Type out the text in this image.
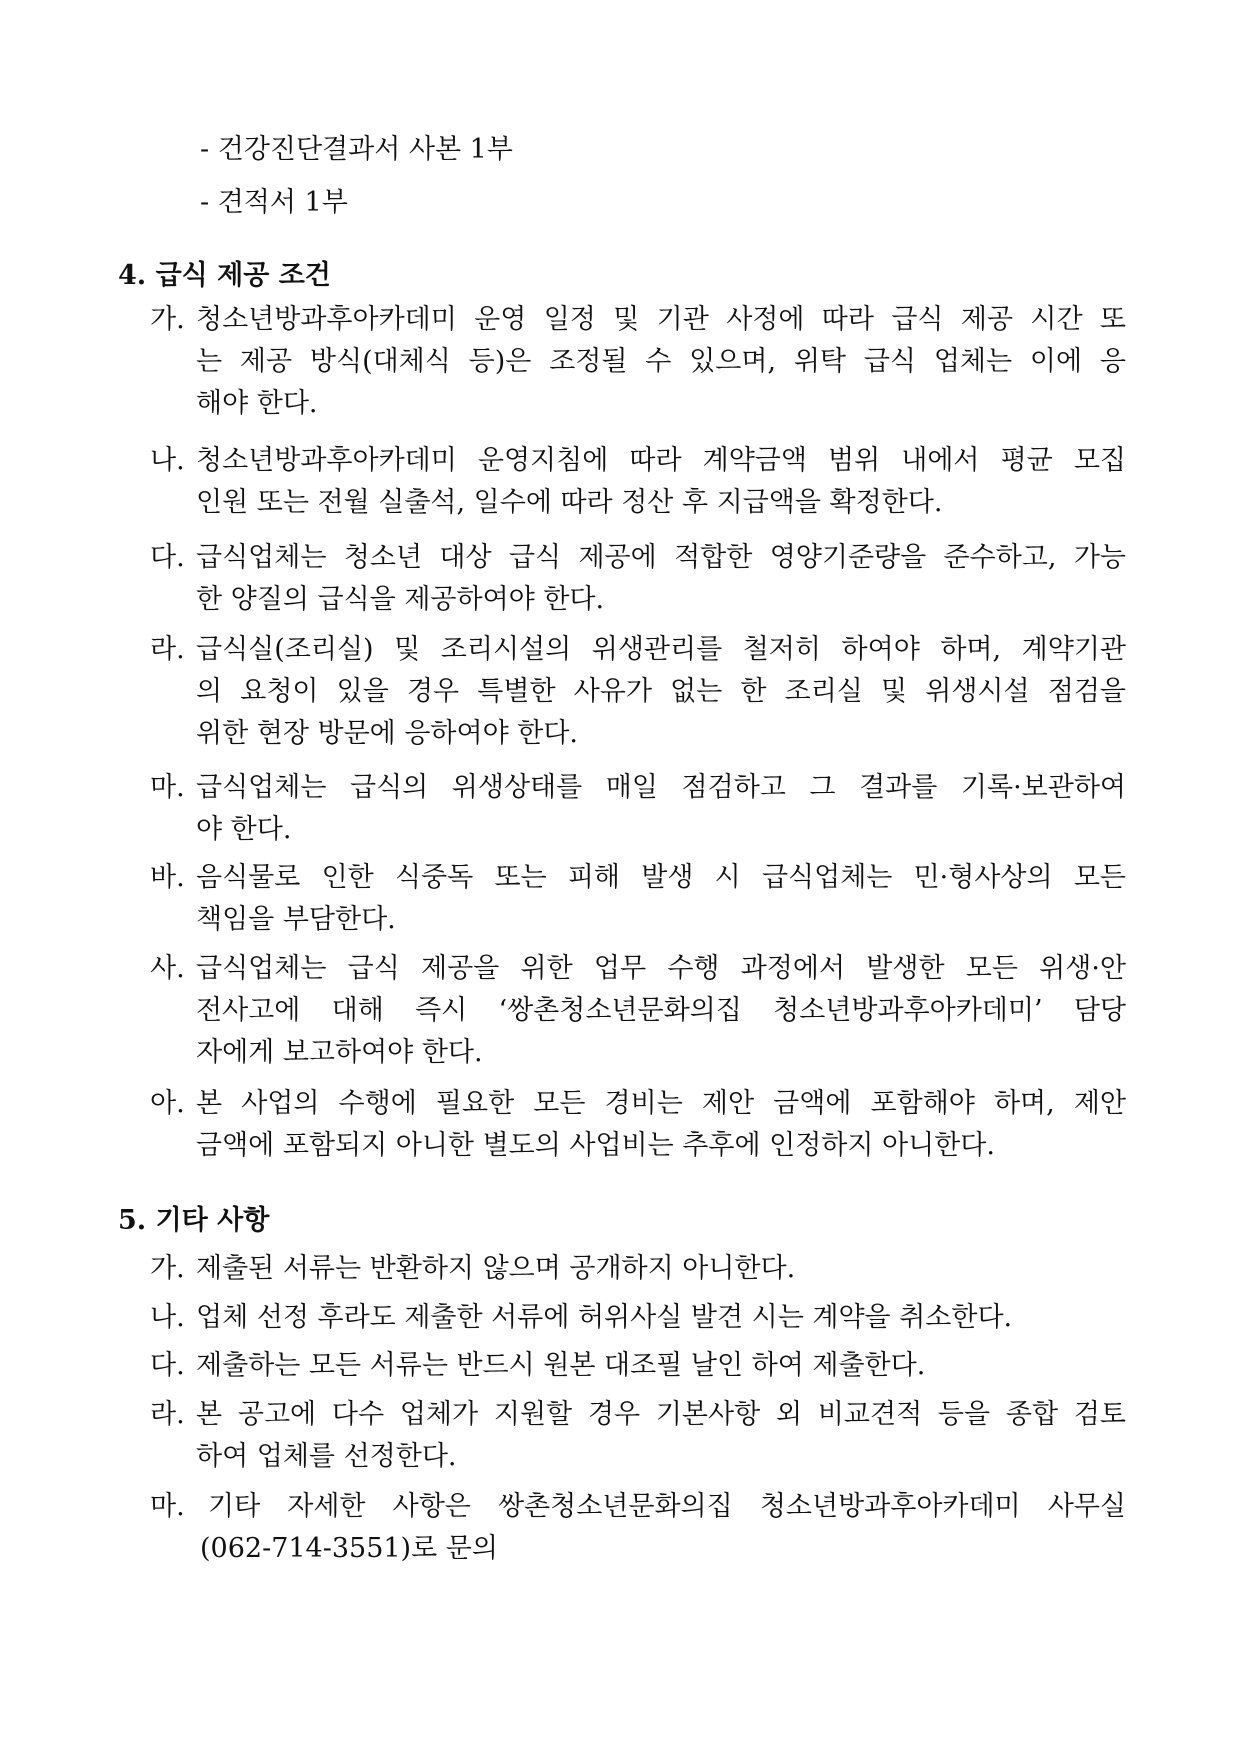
- 건강진단결과서 사본 1부
- 견적서 1부
4. 급식 제공 조건
가. 청소년방과후아카데미 운영 일정 및 기관 사정에 따라 급식 제공 시간 또
는 제공 방식(대체식 등)은 조정될 수 있으며, 위탁 급식 업체는 이에 응
해야 한다.
나. 청소년방과후아카데미 운영지침에 따라 계약금액 범위 내에서 평균 모집
인원 또는 전월 실출석, 일수에 따라 정산 후 지급액을 확정한다.
다. 급식업체는 청소년 대상 급식 제공에 적합한 영양기준량을 준수하고, 가능
한 양질의 급식을 제공하여야 한다.
라. 급식실(조리실) 및 조리시설의 위생관리를 철저히 하여야 하며, 계약기관
의 요청이 있을 경우 특별한 사유가 없는 한 조리실 및 위생시설 점검을
위한 현장 방문에 응하여야 한다.
마. 급식업체는 급식의 위생상태를 매일 점검하고 그 결과를 기록·보관하여
야 한다.
바. 음식물로 인한 식중독 또는 피해 발생 시 급식업체는 민·형사상의 모든
책임을 부담한다.
사. 급식업체는 급식 제공을 위한 업무 수행 과정에서 발생한 모든 위생·안
전사고에 대해 즉시 ‘쌍촌청소년문화의집 청소년방과후아카데미’ 담당
자에게 보고하여야 한다.
아. 본 사업의 수행에 필요한 모든 경비는 제안 금액에 포함해야 하며, 제안
금액에 포함되지 아니한 별도의 사업비는 추후에 인정하지 아니한다.
5. 기타 사항
가. 제출된 서류는 반환하지 않으며 공개하지 아니한다.
나. 업체 선정 후라도 제출한 서류에 허위사실 발견 시는 계약을 취소한다.
다. 제출하는 모든 서류는 반드시 원본 대조필 날인 하여 제출한다.
라. 본 공고에 다수 업체가 지원할 경우 기본사항 외 비교견적 등을 종합 검토
하여 업체를 선정한다.
마. 기타 자세한 사항은 쌍촌청소년문화의집 청소년방과후아카데미 사무실
(062-714-3551)로 문의
